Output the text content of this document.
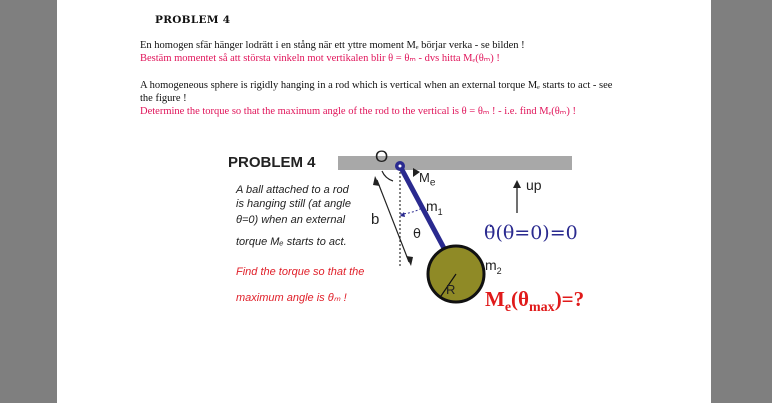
PROBLEM 4
En homogen sfär hänger lodrätt i en stång när ett yttre moment Mₑ börjar verka - se bilden !
Bestäm momentet så att största vinkeln mot vertikalen blir θ = θₘ - dvs hitta Mₑ(θₘ) !
A homogeneous sphere is rigidly hanging in a rod which is vertical when an external torque Mₑ starts to act - see
the figure !
Determine the torque so that the maximum angle of the rod to the vertical is θ = θₘ ! - i.e. find Mₑ(θₘ) !
PROBLEM 4
A ball attached to a rod
is hanging still (at angle
θ=0) when an external
torque Mₑ starts to act.
Find the torque so that the
maximum angle is θₘ !
O
$M_e$
$m_1$
b
θ
R
$m_2$
up
θ̇(θ=0)=0
$M_e(\theta_{max})=$?
